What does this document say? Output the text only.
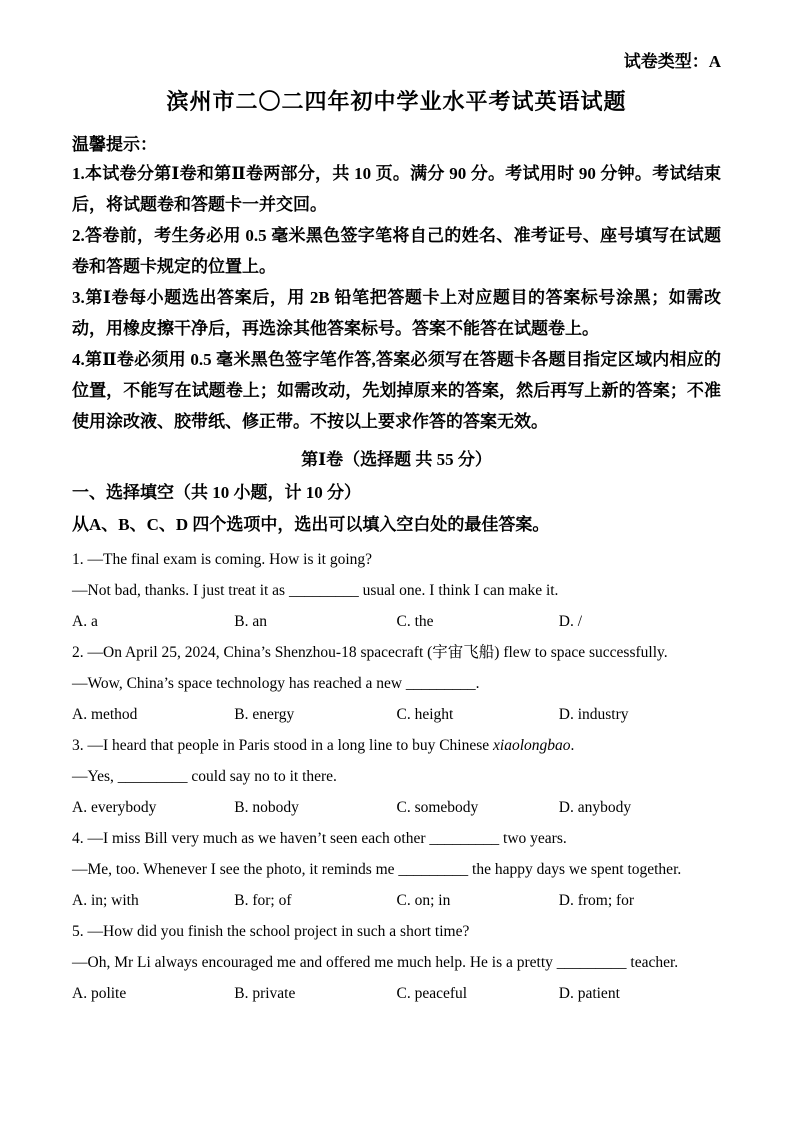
试卷类型：A
滨州市二〇二四年初中学业水平考试英语试题
温馨提示：

1.本试卷分第Ⅰ卷和第Ⅱ卷两部分，共 10 页。满分 90 分。考试用时 90 分钟。考试结束后，将试题卷和答题卡一并交回。

2.答卷前，考生务必用 0.5 毫米黑色签字笔将自己的姓名、准考证号、座号填写在试题卷和答题卡规定的位置上。

3.第Ⅰ卷每小题选出答案后，用 2B 铅笔把答题卡上对应题目的答案标号涂黑；如需改动，用橡皮擦干净后，再选涂其他答案标号。答案不能答在试题卷上。

4.第Ⅱ卷必须用 0.5 毫米黑色签字笔作答,答案必须写在答题卡各题目指定区域内相应的位置，不能写在试题卷上；如需改动，先划掉原来的答案，然后再写上新的答案；不准使用涂改液、胶带纸、修正带。不按以上要求作答的答案无效。

第Ⅰ卷（选择题 共 55 分）
一、选择填空（共 10 小题，计 10 分）
从A、B、C、D 四个选项中，选出可以填入空白处的最佳答案。

1. —The final exam is coming. How is it going?

—Not bad, thanks. I just treat it as _________ usual one. I think I can make it.

A. a	B. an	C. the	D. /

2. —On April 25, 2024, China’s Shenzhou-18 spacecraft (宇宙飞船) flew to space successfully.

—Wow, China’s space technology has reached a new _________.

A. method	B. energy	C. height	D. industry

3. —I heard that people in Paris stood in a long line to buy Chinese xiaolongbao.

—Yes, _________ could say no to it there.

A. everybody	B. nobody	C. somebody	D. anybody

4. —I miss Bill very much as we haven’t seen each other _________ two years.

—Me, too. Whenever I see the photo, it reminds me _________ the happy days we spent together.

A. in; with	B. for; of	C. on; in	D. from; for

5. —How did you finish the school project in such a short time?

—Oh, Mr Li always encouraged me and offered me much help. He is a pretty _________ teacher.

A. polite	B. private	C. peaceful	D. patient
